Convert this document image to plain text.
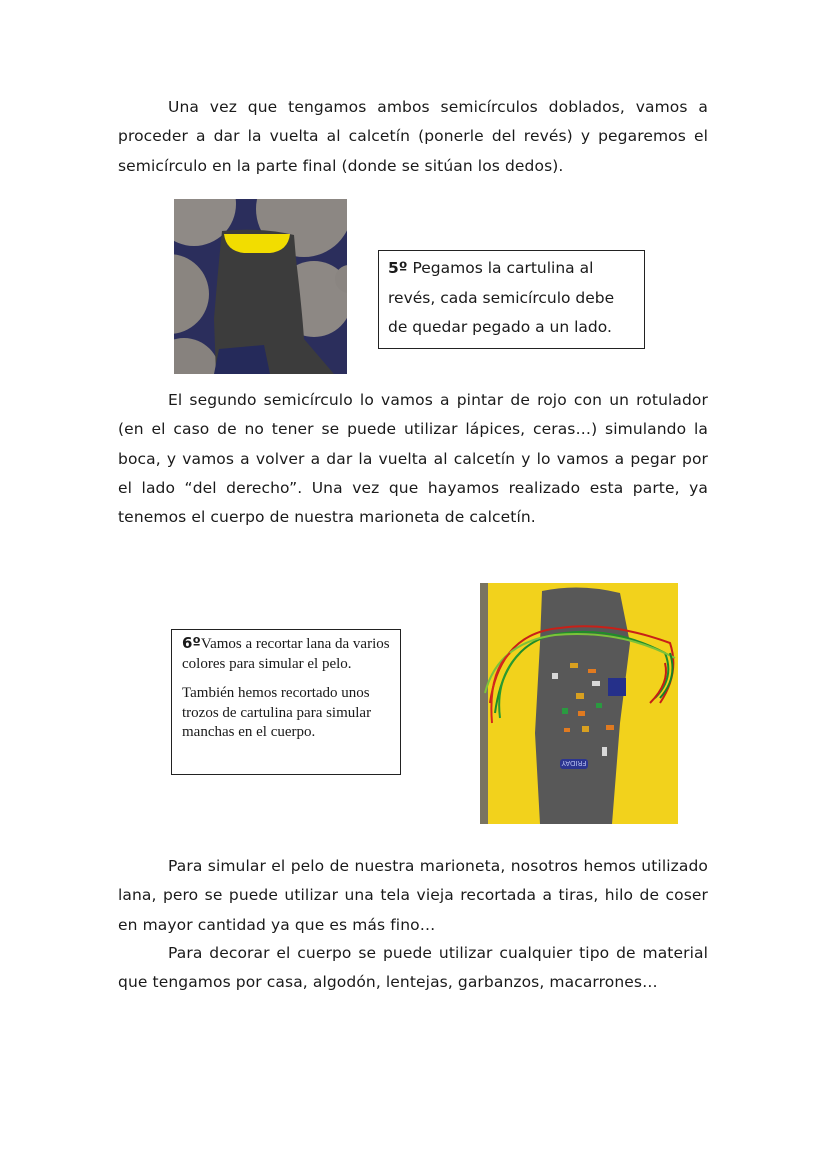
Una vez que tengamos ambos semicírculos doblados, vamos a proceder a dar la vuelta al calcetín (ponerle del revés) y pegaremos el semicírculo en la parte final (donde se sitúan los dedos).
5º Pegamos la cartulina al revés, cada semicírculo debe de quedar pegado a un lado.
El segundo semicírculo lo vamos a pintar de rojo con un rotulador (en el caso de no tener se puede utilizar lápices, ceras…) simulando la boca, y vamos a volver a dar la vuelta al calcetín y lo vamos a pegar por el lado “del derecho”. Una vez que hayamos realizado esta parte, ya tenemos el cuerpo de nuestra marioneta de calcetín.

6ºVamos a recortar lana da varios colores para simular el pelo.

También hemos recortado unos trozos de cartulina para simular manchas en el cuerpo.

FRIDAY
Para simular el pelo de nuestra marioneta, nosotros hemos utilizado lana, pero se puede utilizar una tela vieja recortada a tiras, hilo de coser en mayor cantidad ya que es más fino…
Para decorar el cuerpo se puede utilizar cualquier tipo de material que tengamos por casa, algodón, lentejas, garbanzos, macarrones…
